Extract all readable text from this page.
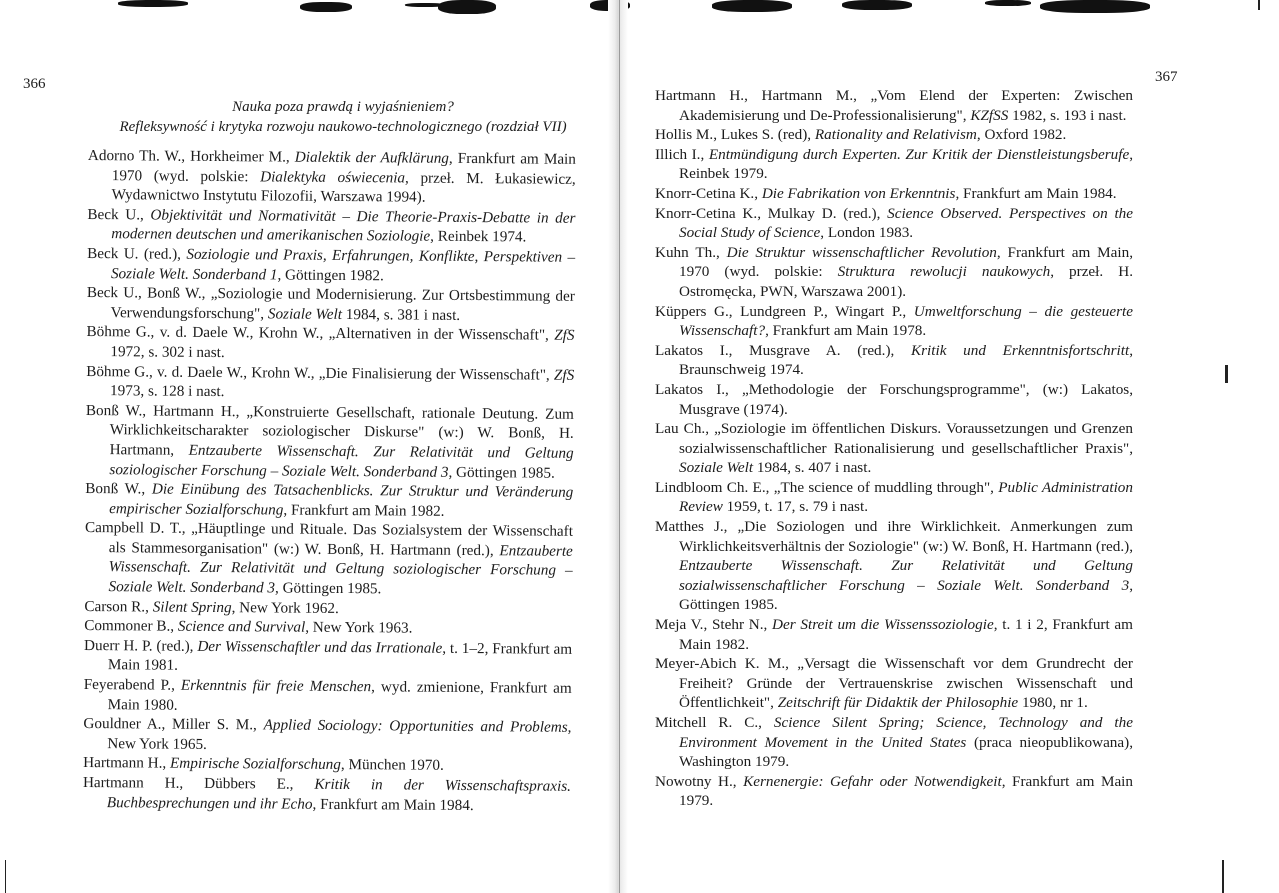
366
Nauka poza prawdą i wyjaśnieniem?
Refleksywność i krytyka rozwoju naukowo-technologicznego (rozdział VII)

Adorno Th. W., Horkheimer M., Dialektik der Aufklärung, Frankfurt am Main 1970 (wyd. polskie: Dialektyka oświecenia, przeł. M. Łukasiewicz, Wydawnictwo Instytutu Filozofii, Warszawa 1994).

Beck U., Objektivität und Normativität – Die Theorie-Praxis-Debatte in der modernen deutschen und amerikanischen Soziologie, Reinbek 1974.

Beck U. (red.), Soziologie und Praxis, Erfahrungen, Konflikte, Perspektiven – Soziale Welt. Sonderband 1, Göttingen 1982.

Beck U., Bonß W., „Soziologie und Modernisierung. Zur Ortsbestimmung der Verwendungsforschung", Soziale Welt 1984, s. 381 i nast.

Böhme G., v. d. Daele W., Krohn W., „Alternativen in der Wissenschaft", ZfS 1972, s. 302 i nast.

Böhme G., v. d. Daele W., Krohn W., „Die Finalisierung der Wissenschaft", ZfS 1973, s. 128 i nast.

Bonß W., Hartmann H., „Konstruierte Gesellschaft, rationale Deutung. Zum Wirklichkeitscharakter soziologischer Diskurse" (w:) W. Bonß, H. Hartmann, Entzauberte Wissenschaft. Zur Relativität und Geltung soziologischer Forschung – Soziale Welt. Sonderband 3, Göttingen 1985.

Bonß W., Die Einübung des Tatsachenblicks. Zur Struktur und Veränderung empirischer Sozialforschung, Frankfurt am Main 1982.

Campbell D. T., „Häuptlinge und Rituale. Das Sozialsystem der Wissenschaft als Stammesorganisation" (w:) W. Bonß, H. Hartmann (red.), Entzauberte Wissenschaft. Zur Relativität und Geltung soziologischer Forschung – Soziale Welt. Sonderband 3, Göttingen 1985.

Carson R., Silent Spring, New York 1962.

Commoner B., Science and Survival, New York 1963.

Duerr H. P. (red.), Der Wissenschaftler und das Irrationale, t. 1–2, Frankfurt am Main 1981.

Feyerabend P., Erkenntnis für freie Menschen, wyd. zmienione, Frankfurt am Main 1980.

Gouldner A., Miller S. M., Applied Sociology: Opportunities and Problems, New York 1965.

Hartmann H., Empirische Sozialforschung, München 1970.

Hartmann H., Dübbers E., Kritik in der Wissenschaftspraxis. Buchbesprechungen und ihr Echo, Frankfurt am Main 1984.

367

Hartmann H., Hartmann M., „Vom Elend der Experten: Zwischen Akademisierung und De-Professionalisierung", KZfSS 1982, s. 193 i nast.

Hollis M., Lukes S. (red), Rationality and Relativism, Oxford 1982.

Illich I., Entmündigung durch Experten. Zur Kritik der Dienstleistungsberufe, Reinbek 1979.

Knorr-Cetina K., Die Fabrikation von Erkenntnis, Frankfurt am Main 1984.

Knorr-Cetina K., Mulkay D. (red.), Science Observed. Perspectives on the Social Study of Science, London 1983.

Kuhn Th., Die Struktur wissenschaftlicher Revolution, Frankfurt am Main, 1970 (wyd. polskie: Struktura rewolucji naukowych, przeł. H. Ostromęcka, PWN, Warszawa 2001).

Küppers G., Lundgreen P., Wingart P., Umweltforschung – die gesteuerte Wissenschaft?, Frankfurt am Main 1978.

Lakatos I., Musgrave A. (red.), Kritik und Erkenntnisfortschritt, Braunschweig 1974.

Lakatos I., „Methodologie der Forschungsprogramme", (w:) Lakatos, Musgrave (1974).

Lau Ch., „Soziologie im öffentlichen Diskurs. Voraussetzungen und Grenzen sozialwissenschaftlicher Rationalisierung und gesellschaftlicher Praxis", Soziale Welt 1984, s. 407 i nast.

Lindbloom Ch. E., „The science of muddling through", Public Administration Review 1959, t. 17, s. 79 i nast.

Matthes J., „Die Soziologen und ihre Wirklichkeit. Anmerkungen zum Wirklichkeitsverhältnis der Soziologie" (w:) W. Bonß, H. Hartmann (red.), Entzauberte Wissenschaft. Zur Relativität und Geltung sozialwissenschaftlicher Forschung – Soziale Welt. Sonderband 3, Göttingen 1985.

Meja V., Stehr N., Der Streit um die Wissenssoziologie, t. 1 i 2, Frankfurt am Main 1982.

Meyer-Abich K. M., „Versagt die Wissenschaft vor dem Grundrecht der Freiheit? Gründe der Vertrauenskrise zwischen Wissenschaft und Öffentlichkeit", Zeitschrift für Didaktik der Philosophie 1980, nr 1.

Mitchell R. C., Science Silent Spring; Science, Technology and the Environment Movement in the United States (praca nieopublikowana), Washington 1979.

Nowotny H., Kernenergie: Gefahr oder Notwendigkeit, Frankfurt am Main 1979.
